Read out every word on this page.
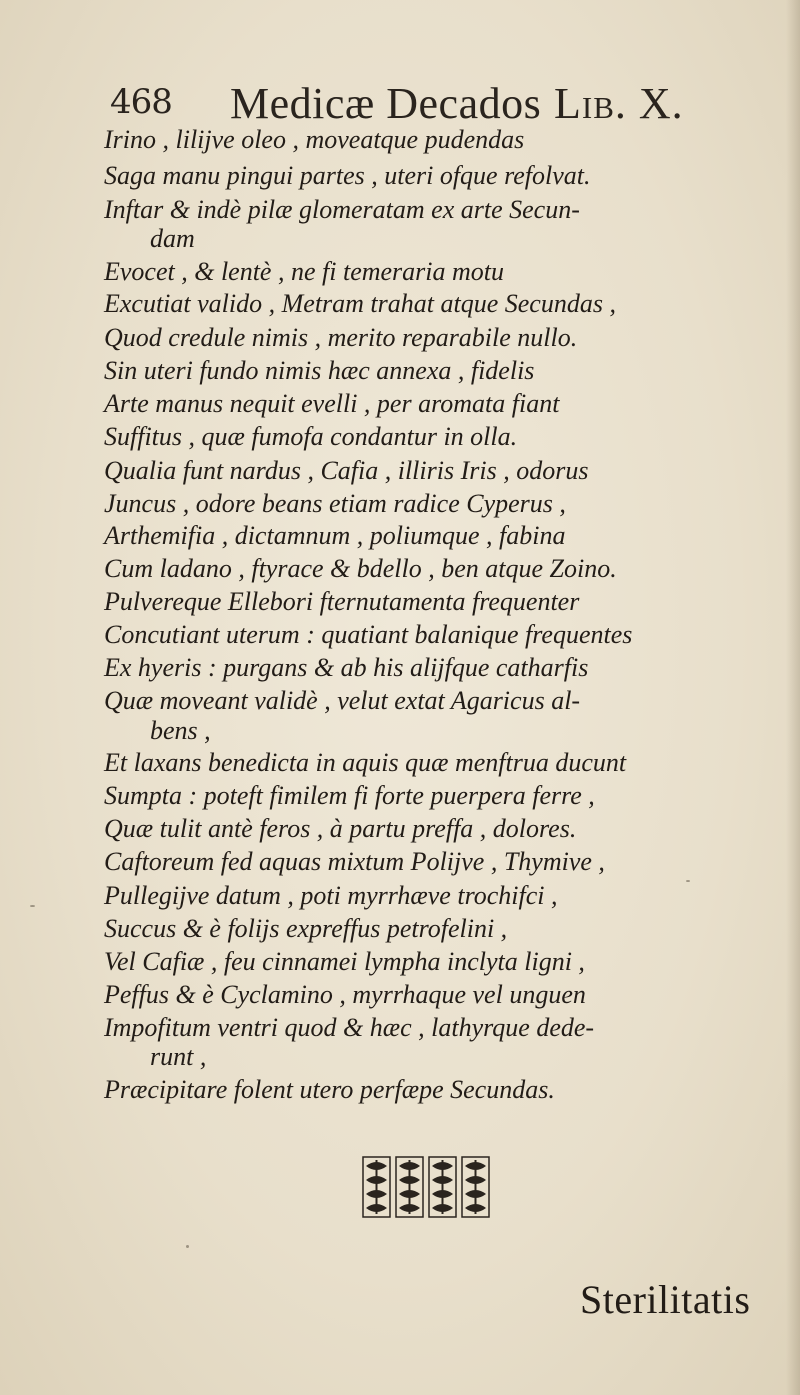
468 Medicæ Decados Lib. X.
Irino , lilijve oleo , moveatque pudendas
Saga manu pingui partes , uteri ofque refolvat.
Inftar & indè pilæ glomeratam ex arte Secun-
dam
Evocet , & lentè , ne fi temeraria motu
Excutiat valido , Metram trahat atque Secundas ,
Quod credule nimis , merito reparabile nullo.
Sin uteri fundo nimis hæc annexa , fidelis
Arte manus nequit evelli , per aromata fiant
Suffitus , quæ fumofa condantur in olla.
Qualia funt nardus , Cafia , illiris Iris , odorus
Juncus , odore beans etiam radice Cyperus ,
Arthemifia , dictamnum , poliumque , fabina
Cum ladano , ftyrace & bdello , ben atque Zoino.
Pulvereque Ellebori fternutamenta frequenter
Concutiant uterum : quatiant balanique frequentes
Ex hyeris : purgans & ab his alijfque catharfis
Quæ moveant validè , velut extat Agaricus al-
bens ,
Et laxans benedicta in aquis quæ menftrua ducunt
Sumpta : poteft fimilem fi forte puerpera ferre ,
Quæ tulit antè feros , à partu preffa , dolores.
Caftoreum fed aquas mixtum Polijve , Thymive ,
Pullegijve datum , poti myrrhæve trochifci ,
Succus & è folijs expreffus petrofelini ,
Vel Cafiæ , feu cinnamei lympha inclyta ligni ,
Peffus & è Cyclamino , myrrhaque vel unguen
Impofitum ventri quod & hæc , lathyrque dede-
runt ,
Præcipitare folent utero perfæpe Secundas.
Sterilitatis
